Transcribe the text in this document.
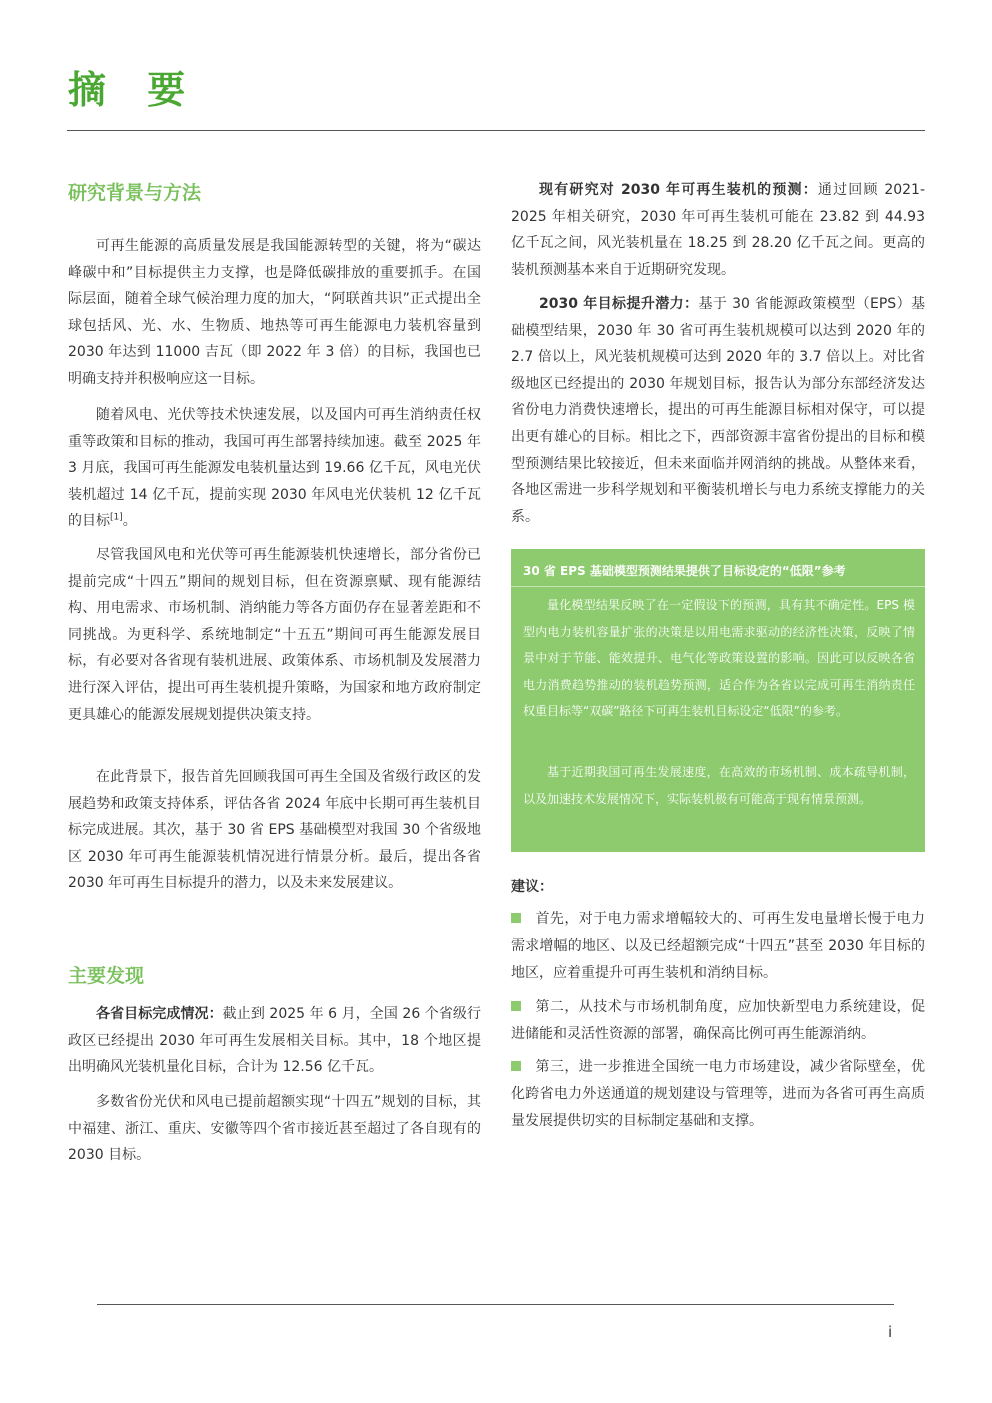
摘 要
研究背景与方法

可再生能源的高质量发展是我国能源转型的关键，将为“碳达峰碳中和”目标提供主力支撑，也是降低碳排放的重要抓手。在国际层面，随着全球气候治理力度的加大，“阿联酋共识”正式提出全球包括风、光、水、生物质、地热等可再生能源电力装机容量到 2030 年达到 11000 吉瓦（即 2022 年 3 倍）的目标，我国也已明确支持并积极响应这一目标。

随着风电、光伏等技术快速发展，以及国内可再生消纳责任权重等政策和目标的推动，我国可再生部署持续加速。截至 2025 年 3 月底，我国可再生能源发电装机量达到 19.66 亿千瓦，风电光伏装机超过 14 亿千瓦，提前实现 2030 年风电光伏装机 12 亿千瓦的目标[1]。

尽管我国风电和光伏等可再生能源装机快速增长，部分省份已提前完成“十四五”期间的规划目标，但在资源禀赋、现有能源结构、用电需求、市场机制、消纳能力等各方面仍存在显著差距和不同挑战。为更科学、系统地制定“十五五”期间可再生能源发展目标，有必要对各省现有装机进展、政策体系、市场机制及发展潜力进行深入评估，提出可再生装机提升策略，为国家和地方政府制定更具雄心的能源发展规划提供决策支持。

在此背景下，报告首先回顾我国可再生全国及省级行政区的发展趋势和政策支持体系，评估各省 2024 年底中长期可再生装机目标完成进展。其次，基于 30 省 EPS 基础模型对我国 30 个省级地区 2030 年可再生能源装机情况进行情景分析。最后，提出各省 2030 年可再生目标提升的潜力，以及未来发展建议。

主要发现

各省目标完成情况：截止到 2025 年 6 月，全国 26 个省级行政区已经提出 2030 年可再生发展相关目标。其中，18 个地区提出明确风光装机量化目标，合计为 12.56 亿千瓦。

多数省份光伏和风电已提前超额实现“十四五”规划的目标，其中福建、浙江、重庆、安徽等四个省市接近甚至超过了各自现有的 2030 目标。

现有研究对 2030 年可再生装机的预测：通过回顾 2021-2025 年相关研究，2030 年可再生装机可能在 23.82 到 44.93 亿千瓦之间，风光装机量在 18.25 到 28.20 亿千瓦之间。更高的装机预测基本来自于近期研究发现。

2030 年目标提升潜力：基于 30 省能源政策模型（EPS）基础模型结果，2030 年 30 省可再生装机规模可以达到 2020 年的 2.7 倍以上，风光装机规模可达到 2020 年的 3.7 倍以上。对比省级地区已经提出的 2030 年规划目标，报告认为部分东部经济发达省份电力消费快速增长，提出的可再生能源目标相对保守，可以提出更有雄心的目标。相比之下，西部资源丰富省份提出的目标和模型预测结果比较接近，但未来面临并网消纳的挑战。从整体来看，各地区需进一步科学规划和平衡装机增长与电力系统支撑能力的关系。

30 省 EPS 基础模型预测结果提供了目标设定的“低限”参考

量化模型结果反映了在一定假设下的预测，具有其不确定性。EPS 模型内电力装机容量扩张的决策是以用电需求驱动的经济性决策，反映了情景中对于节能、能效提升、电气化等政策设置的影响。因此可以反映各省电力消费趋势推动的装机趋势预测，适合作为各省以完成可再生消纳责任权重目标等“双碳”路径下可再生装机目标设定“低限”的参考。

基于近期我国可再生发展速度，在高效的市场机制、成本疏导机制，以及加速技术发展情况下，实际装机极有可能高于现有情景预测。

建议：

首先，对于电力需求增幅较大的、可再生发电量增长慢于电力需求增幅的地区、以及已经超额完成“十四五”甚至 2030 年目标的地区，应着重提升可再生装机和消纳目标。

第二，从技术与市场机制角度，应加快新型电力系统建设，促进储能和灵活性资源的部署，确保高比例可再生能源消纳。

第三，进一步推进全国统一电力市场建设，减少省际壁垒，优化跨省电力外送通道的规划建设与管理等，进而为各省可再生高质量发展提供切实的目标制定基础和支撑。

i
